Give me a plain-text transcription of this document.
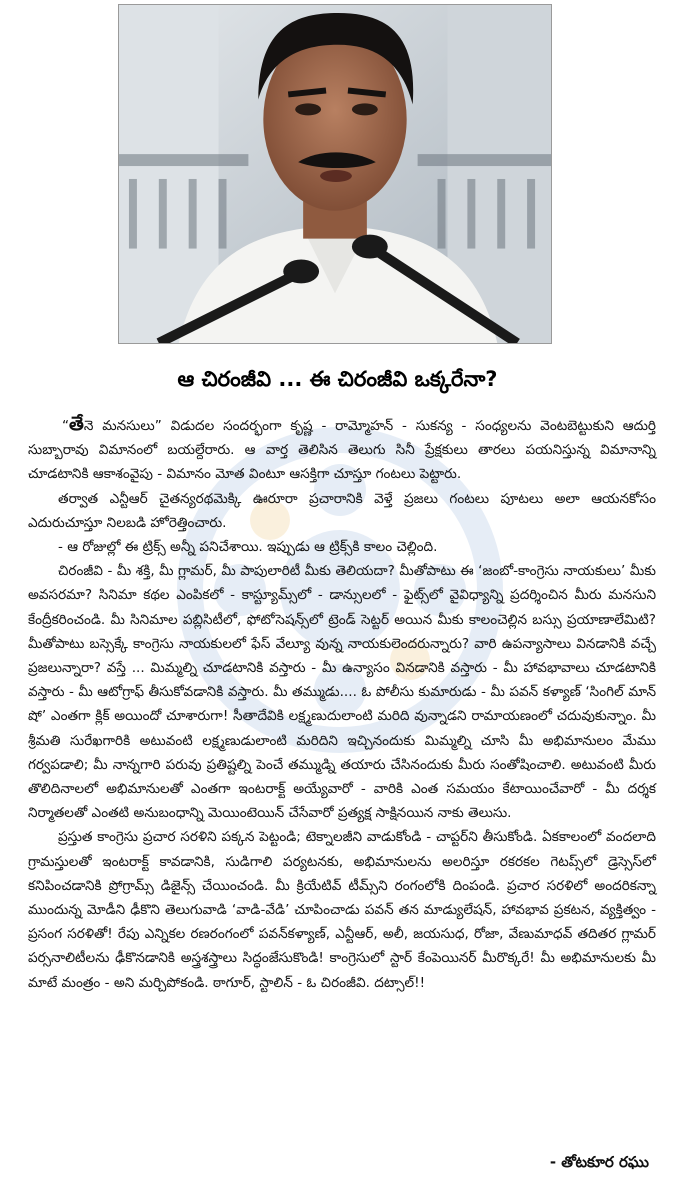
ఆ చిరంజీవి ... ఈ చిరంజీవి ఒక్కరేనా?

“తేనె మనసులు” విడుదల సందర్భంగా కృష్ణ - రామ్మోహన్ - సుకన్య - సంధ్యలను వెంటబెట్టుకుని ఆదుర్తి సుబ్బారావు విమానంలో బయల్దేరారు. ఆ వార్త తెలిసిన తెలుగు సినీ ప్రేక్షకులు తారలు పయనిస్తున్న విమానాన్ని చూడటానికి ఆకాశంవైపు - విమానం మోత వింటూ ఆసక్తిగా చూస్తూ గంటలు పెట్టారు.

తర్వాత ఎన్టీఆర్ చైతన్యరథమెక్కి ఊరూరా ప్రచారానికి వెళ్తే ప్రజలు గంటలు పూటలు అలా ఆయనకోసం ఎదురుచూస్తూ నిలబడి హోరెత్తించారు.

- ఆ రోజుల్లో ఈ ట్రిక్స్ అన్నీ పనిచేశాయి. ఇప్పుడు ఆ ట్రిక్స్‌కి కాలం చెల్లింది.

చిరంజీవి - మీ శక్తి, మీ గ్లామర్, మీ పాపులారిటీ మీకు తెలియదా? మీతోపాటు ఈ ‘జంబో-కాంగ్రెసు నాయకులు’ మీకు అవసరమా? సినిమా కథల ఎంపికలో - కాస్ట్యూమ్స్‌లో - డాన్సులలో - ఫైట్స్‌లో వైవిధ్యాన్ని ప్రదర్శించిన మీరు మనసుని కేంద్రీకరించండి. మీ సినిమాల పబ్లిసిటీలో, ఫోటోసెషన్స్‌లో ట్రెండ్ సెట్టర్ అయిన మీకు కాలంచెల్లిన బస్సు ప్రయాణాలేమిటి? మీతోపాటు బస్సెక్కే కాంగ్రెసు నాయకులలో ఫేస్ వేల్యూ వున్న నాయకులెందరున్నారు? వారి ఉపన్యాసాలు వినడానికి వచ్చే ప్రజలున్నారా? వస్తే ... మిమ్మల్ని చూడటానికి వస్తారు - మీ ఉన్యాసం వినడానికి వస్తారు - మీ హావభావాలు చూడటానికి వస్తారు - మీ ఆటోగ్రాఫ్ తీసుకోవడానికి వస్తారు. మీ తమ్ముడు.... ఓ పోలీసు కుమారుడు - మీ పవన్ కళ్యాణ్ ‘సింగిల్ మాన్ షో’ ఎంతగా క్లిక్ అయిందో చూశారుగా! సీతాదేవికి లక్ష్మణుదులాంటి మరిది వున్నాడని రామాయణంలో చదువుకున్నాం. మీ శ్రీమతి సురేఖగారికి అటువంటి లక్ష్మణుడులాంటి మరిదిని ఇచ్చినందుకు మిమ్మల్ని చూసి మీ అభిమానులం మేము గర్వపడాలి; మీ నాన్నగారి పరువు ప్రతిష్టల్ని పెంచే తమ్ముడ్ని తయారు చేసినందుకు మీరు సంతోషించాలి. అటువంటి మీరు తొలిదినాలలో అభిమానులతో ఎంతగా ఇంటరాక్ట్ అయ్యేవారో - వారికి ఎంత సమయం కేటాయించేవారో - మీ దర్శక నిర్మాతలతో ఎంతటి అనుబంధాన్ని మెయింటెయిన్ చేసేవారో ప్రత్యక్ష సాక్షినయిన నాకు తెలుసు.

ప్రస్తుత కాంగ్రెసు ప్రచార సరళిని పక్కన పెట్టండి; టెక్నాలజీని వాడుకోండి - చాప్టర్‌ని తీసుకోండి. ఏకకాలంలో వందలాది గ్రామస్తులతో ఇంటరాక్ట్ కావడానికి, సుడిగాలి పర్యటనకు, అభిమానులను అలరిస్తూ రకరకల గెటప్స్‌లో డ్రెస్సెస్‌లో కనిపించడానికి ప్రోగ్రామ్స్ డిజైన్స్ చేయించండి. మీ క్రియేటివ్ టీమ్స్‌ని రంగంలోకి దింపండి. ప్రచార సరళిలో అందరికన్నా ముందున్న మోడీని ఢీకొని తెలుగువాడి ‘వాడి-వేడి’ చూపించాడు పవన్ తన మాడ్యులేషన్, హావభావ ప్రకటన, వ్యక్తిత్వం - ప్రసంగ సరళితో! రేపు ఎన్నికల రణరంగంలో పవన్‌కళ్యాణ్, ఎన్టీఆర్, అలీ, జయసుధ, రోజా, వేణుమాధవ్ తదితర గ్లామర్ పర్సనాలిటీలను ఢీకొనడానికి అస్త్రశస్త్రాలు సిద్ధంజేసుకొండి! కాంగ్రెసులో స్టార్ కేంపెయినర్ మీరొక్కరే! మీ అభిమానులకు మీ మాటే మంత్రం - అని మర్చిపోకండి. ఠాగూర్, స్టాలిన్ - ఓ చిరంజీవి. దట్సాల్!!

- తోటకూర రఘు
